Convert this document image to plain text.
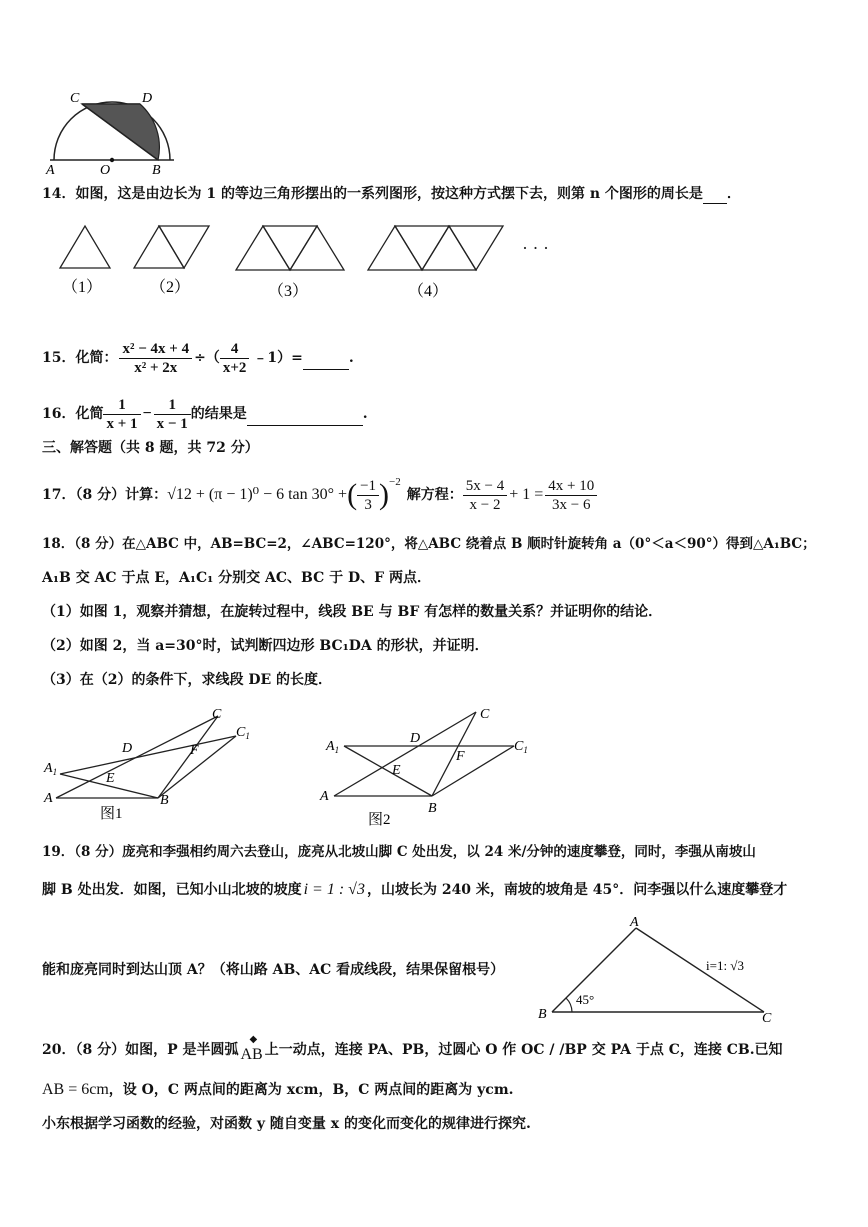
C	D
A	O	B
14．如图，这是由边长为 1 的等边三角形摆出的一系列图形，按这种方式摆下去，则第 n 个图形的周长是 ．
· · ·
（1）	（2）	（3）	（4）
15．化简： $\frac{\text{x² − 4x + 4}}{\text{x² + 2x}}$ ÷（ $\frac{4}{x+2}$ ﹣1）=	.
16．化简 $\frac{1}{x + 1} - \frac{1}{x - 1}$ 的结果是	.
三、解答题（共 8 题，共 72 分）
17．（8 分）计算： √12 + (π − 1)⁰ − 6 tan 30° + ( $\frac{-1}{3} )^{-2}$
解方程： $\frac{5x - 4}{x - 2} + 1 = \frac{4x + 10}{3x - 6}$
18．（8 分）在△ABC 中，AB=BC=2，∠ABC=120°，将△ABC 绕着点 B 顺时针旋转角 a（0°＜a＜90°）得到△A₁BC；
A₁B 交 AC 于点 E，A₁C₁ 分别交 AC、BC 于 D、F 两点．
（1）如图 1，观察并猜想，在旋转过程中，线段 BE 与 BF 有怎样的数量关系？并证明你的结论．
（2）如图 2，当 a=30°时，试判断四边形 BC₁DA 的形状，并证明．
（3）在（2）的条件下，求线段 DE 的长度．
C
$C_1$
D	F
$A_1$	E
A	B
图1
C
$A_1$
D
$C_1$
E
F
A
B
图2
19．（8 分）庞亮和李强相约周六去登山，庞亮从北坡山脚 C 处出发，以 24 米/分钟的速度攀登，同时，李强从南坡山
脚 B 处出发．如图，已知小山北坡的坡度 i = 1 : √3 ，山坡长为 240 米，南坡的坡角是 45°．问李强以什么速度攀登才
能和庞亮同时到达山顶 A？（将山路 AB、AC 看成线段，结果保留根号）
A
B	C
45°
i=1: √3
20．（8 分）如图，P 是半圆弧
◆
AB 上一动点，连接 PA、PB，过圆心 O 作 OC / /BP 交 PA 于点 C，连接 CB.已知
AB = 6cm ，设 O，C 两点间的距离为 xcm，B，C 两点间的距离为 ycm.
小东根据学习函数的经验，对函数 y 随自变量 x 的变化而变化的规律进行探究.
